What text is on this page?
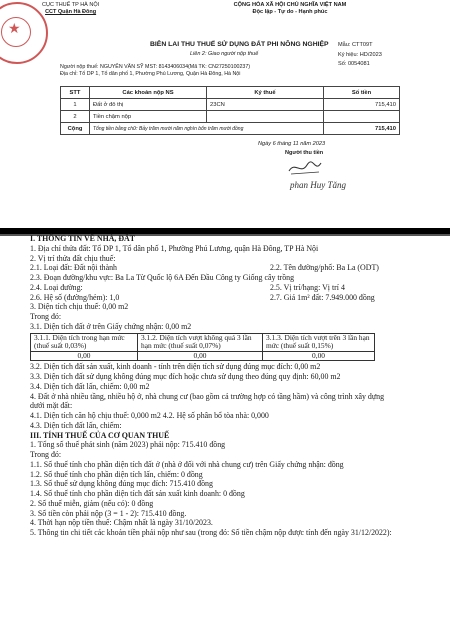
★
CỤC THUẾ TP HÀ NỘI
CCT Quận Hà Đông
CỘNG HÒA XÃ HỘI CHỦ NGHĨA VIỆT NAM
Độc lập - Tự do - Hạnh phúc
BIÊN LAI THU THUẾ SỬ DỤNG ĐẤT PHI NÔNG NGHIỆP
Liên 2: Giao người nộp thuế
Mẫu: CTT09T
Ký hiệu: HD/2023
Số: 0054081
Người nộp thuế: NGUYỄN VĂN SỸ MST: 8143406034(Mã TK: CN27250100237)
Địa chỉ: Tổ DP 1, Tổ dân phố 1, Phường Phú Lương, Quận Hà Đông, Hà Nội
STT	Các khoản nộp NS	Ký thuế	Số tiền
1	Đất ở đô thị	23CN	715,410
2	Tiền chậm nộp		
Cộng	Tổng tiền bằng chữ: Bảy trăm mười năm nghìn bốn trăm mười đồng		715,410
Ngày 6 tháng 11 năm 2023
Người thu tiền
phan Huy Tăng
I. THÔNG TIN VỀ NHÀ, ĐẤT
1. Địa chỉ thửa đất: Tổ DP 1, Tổ dân phố 1, Phường Phú Lương, quận Hà Đông, TP Hà Nội
2. Vị trí thửa đất chịu thuế:
2.1. Loại đất: Đất nội thành	2.2. Tên đường/phố: Ba La (ODT)
2.3. Đoạn đường/khu vực: Ba La Từ Quốc lộ 6A Đến Đầu Công ty Giống cây trồng
2.4. Loại đường:	2.5. Vị trí/hạng: Vị trí 4
2.6. Hệ số (đường/hẻm): 1,0	2.7. Giá 1m² đất: 7.949.000 đồng
3. Diện tích chịu thuế: 0,00 m2
Trong đó:
3.1. Diện tích đất ở trên Giấy chứng nhận: 0,00 m2
3.1.1. Diện tích trong hạn mức (thuế suất 0,03%)	3.1.2. Diện tích vượt không quá 3 lần hạn mức (thuế suất 0,07%)	3.1.3. Diện tích vượt trên 3 lần hạn mức (thuế suất 0,15%)
0,00	0,00	0,00
3.2. Diện tích đất sản xuất, kinh doanh - tính trên diện tích sử dụng đúng mục đích: 0,00 m2
3.3. Diện tích đất sử dụng không đúng mục đích hoặc chưa sử dụng theo đúng quy định: 60,00 m2
3.4. Diện tích đất lấn, chiếm: 0,00 m2
4. Đất ở nhà nhiều tầng, nhiều hộ ở, nhà chung cư (bao gồm cả trường hợp có tầng hầm) và công trình xây dựng
dưới mặt đất:
4.1. Diện tích căn hộ chịu thuế: 0,000 m2 4.2. Hệ số phân bổ tòa nhà: 0,000
4.3. Diện tích đất lấn, chiếm:
III. TÍNH THUẾ CỦA CƠ QUAN THUẾ
1. Tổng số thuế phát sinh (năm 2023) phải nộp: 715.410 đồng
Trong đó:
1.1. Số thuế tính cho phần diện tích đất ở (nhà ở đối với nhà chung cư) trên Giấy chứng nhận: đồng
1.2. Số thuế tính cho phần diện tích lấn, chiếm: 0 đồng
1.3. Số thuế sử dụng không đúng mục đích: 715.410 đồng
1.4. Số thuế tính cho phần diện tích đất sản xuất kinh doanh: 0 đồng
2. Số thuế miễn, giảm (nếu có): 0 đồng
3. Số tiền còn phải nộp (3 = 1 - 2): 715.410 đồng.
4. Thời hạn nộp tiền thuế: Chậm nhất là ngày 31/10/2023.
5. Thông tin chi tiết các khoản tiền phải nộp như sau (trong đó: Số tiền chậm nộp được tính đến ngày 31/12/2022):
